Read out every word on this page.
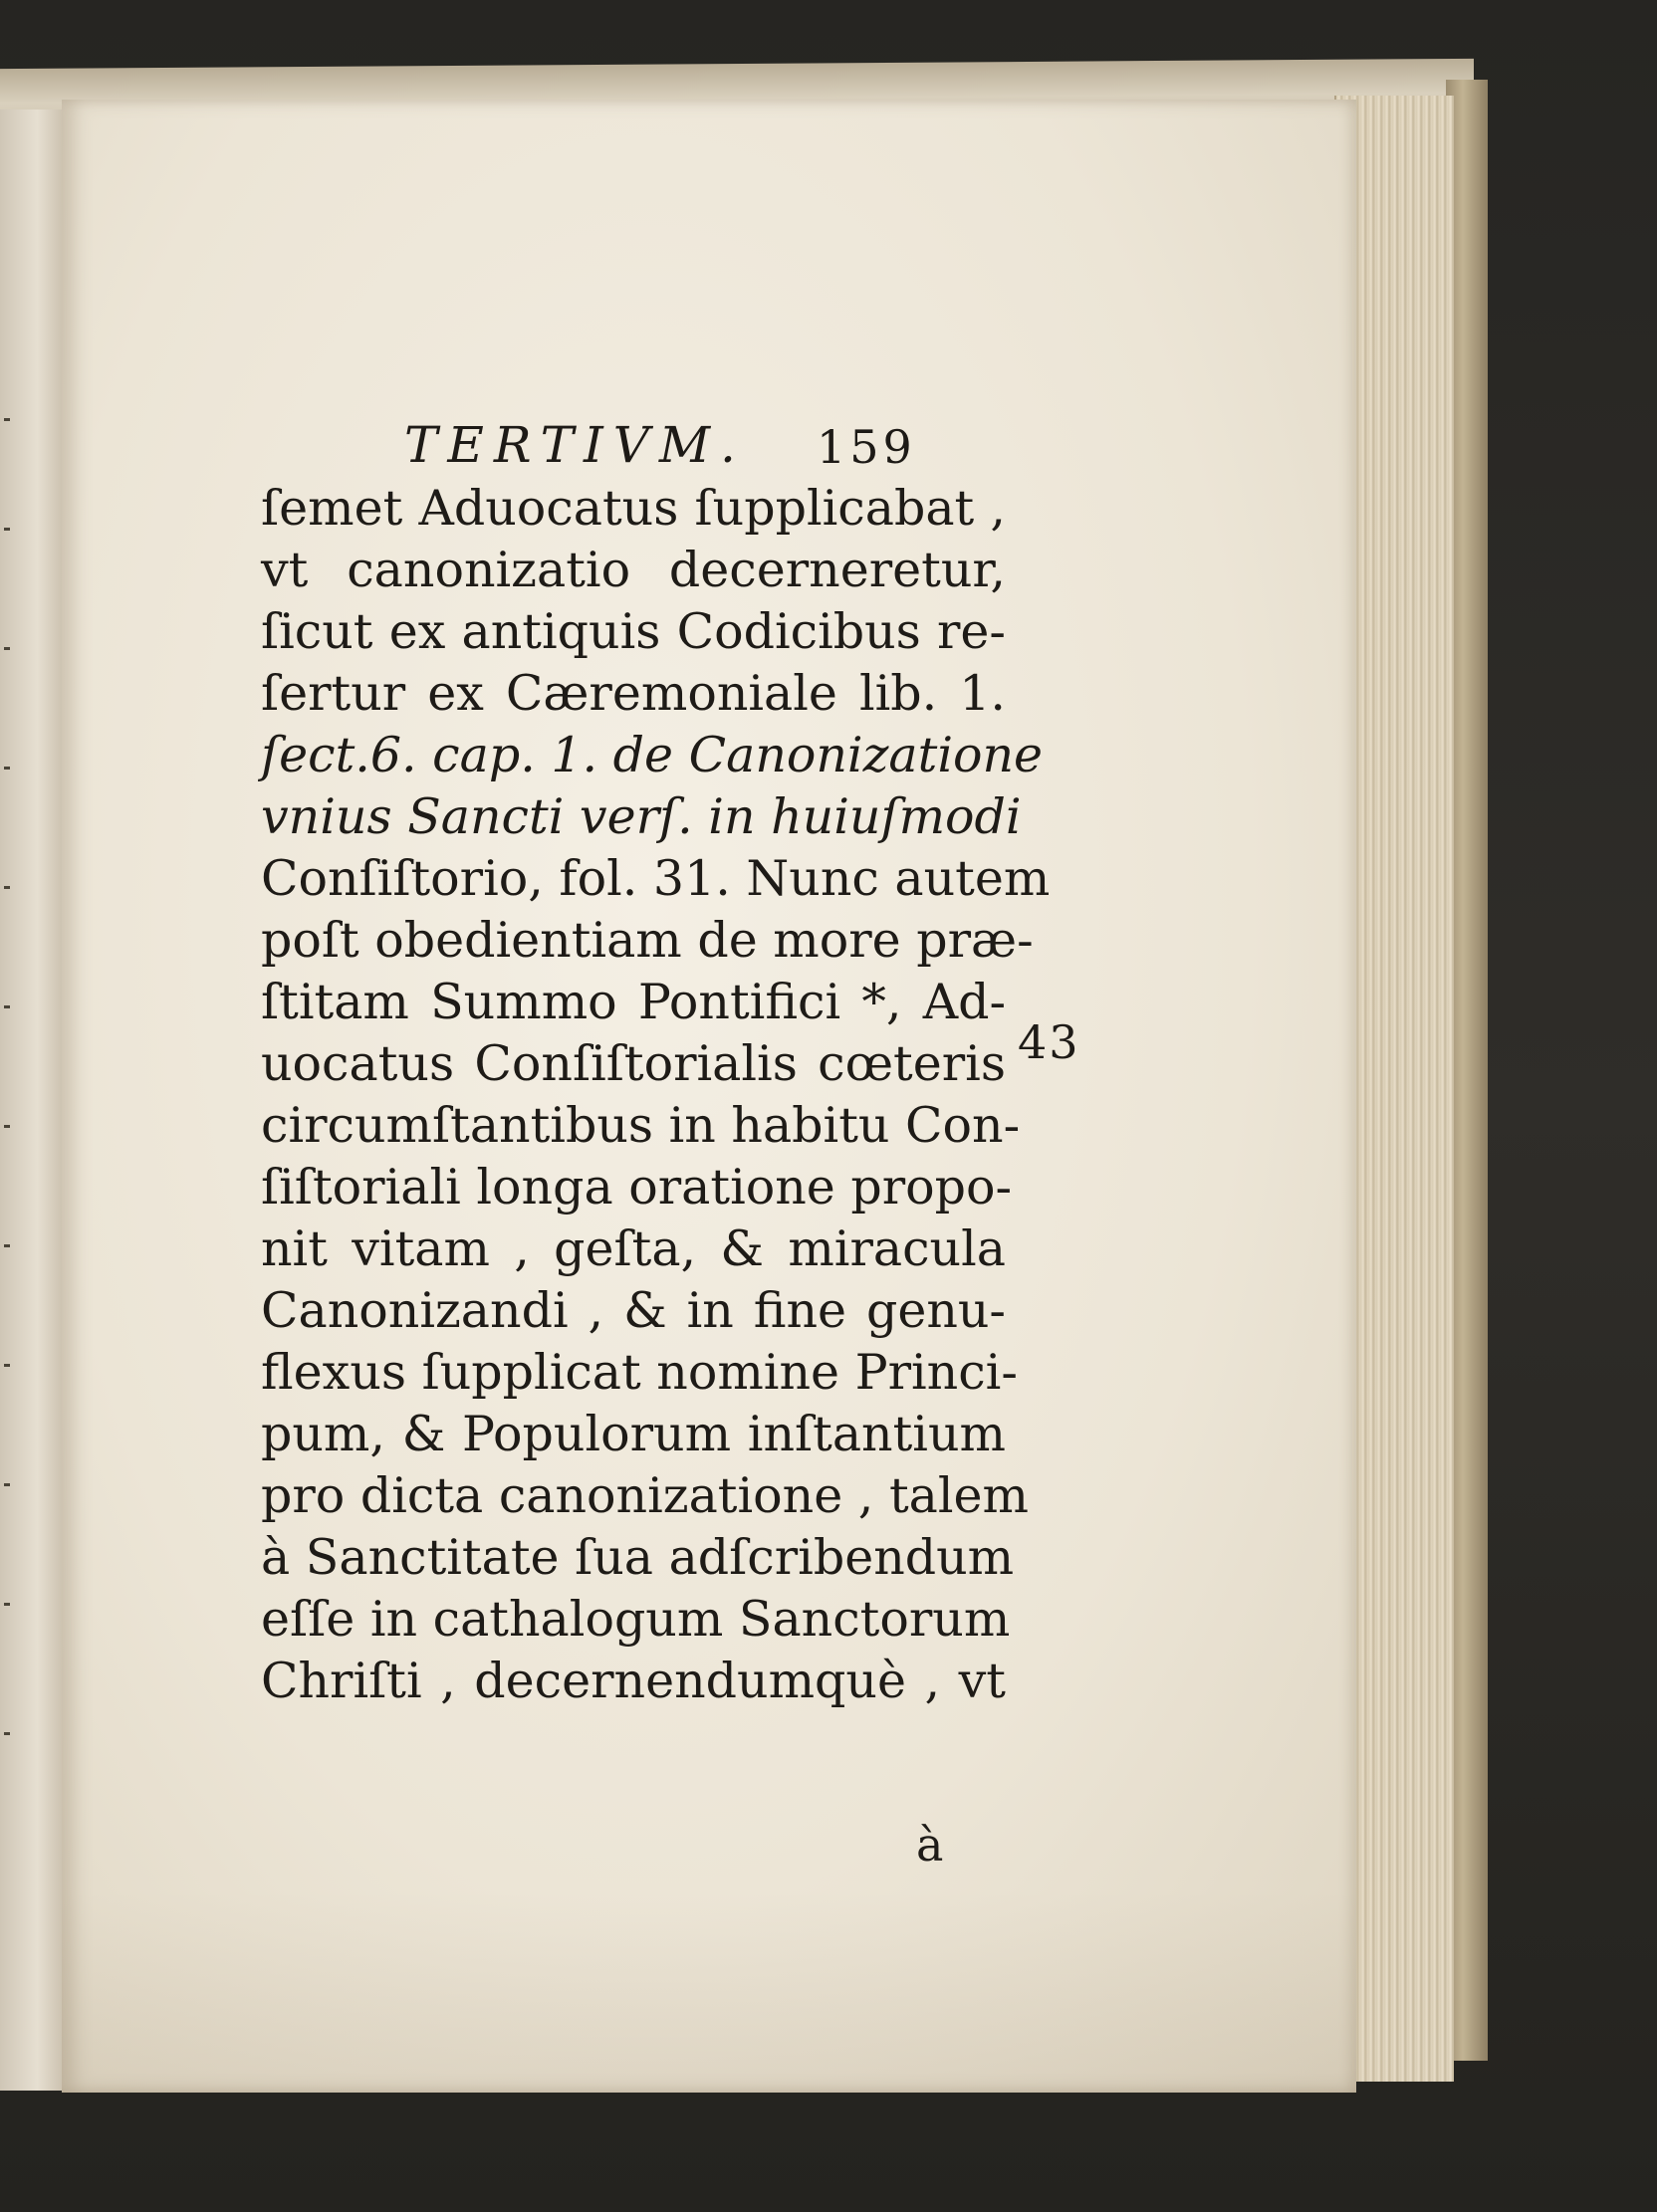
TERTIVM. 159
ſemet Aduocatus ſupplicabat ,
vt canonizatio decerneretur,
ſicut ex antiquis Codicibus re-
ſertur ex Cæremoniale lib. 1.
ſect.6. cap. 1. de Canonizatione
vnius Sancti verſ. in huiuſmodi
Conſiſtorio, fol. 31. Nunc autem
poſt obedientiam de more præ-
ſtitam Summo Pontifici *, Ad-
uocatus Conſiſtorialis cœteris
circumſtantibus in habitu Con-
ſiſtoriali longa oratione propo-
nit vitam , geſta, & miracula
Canonizandi , & in fine genu-
flexus ſupplicat nomine Princi-
pum, & Populorum inſtantium
pro dicta canonizatione , talem
à Sanctitate ſua adſcribendum
eſſe in cathalogum Sanctorum
Chriſti , decernendumquè , vt
à
43
